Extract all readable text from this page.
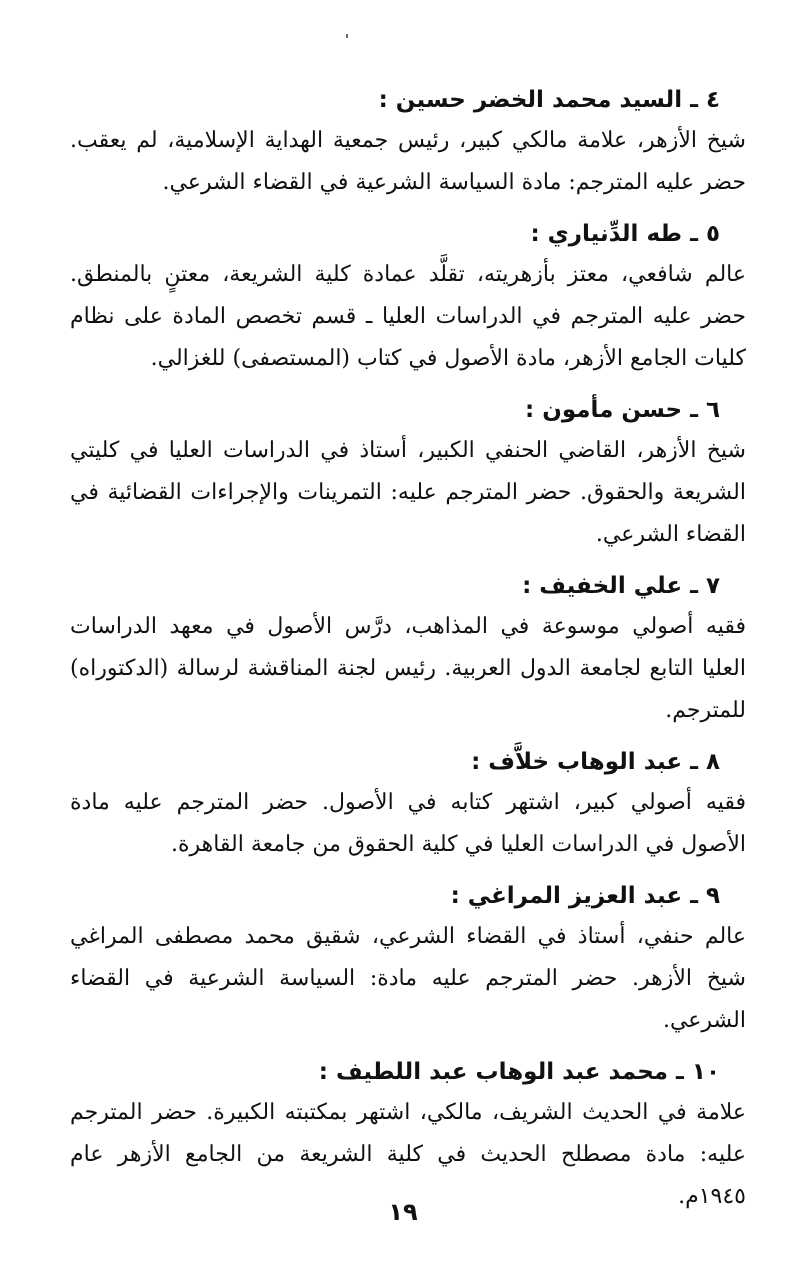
٤ ـ السيد محمد الخضر حسين :
شيخ الأزهر، علامة مالكي كبير، رئيس جمعية الهداية الإسلامية، لم يعقب. حضر عليه المترجم: مادة السياسة الشرعية في القضاء الشرعي.
٥ ـ طه الدِّنياري :
عالم شافعي، معتز بأزهريته، تقلَّد عمادة كلية الشريعة، معتنٍ بالمنطق. حضر عليه المترجم في الدراسات العليا ـ قسم تخصص المادة على نظام كليات الجامع الأزهر، مادة الأصول في كتاب (المستصفى) للغزالي.
٦ ـ حسن مأمون :
شيخ الأزهر، القاضي الحنفي الكبير، أستاذ في الدراسات العليا في كليتي الشريعة والحقوق. حضر المترجم عليه: التمرينات والإجراءات القضائية في القضاء الشرعي.
٧ ـ علي الخفيف :
فقيه أصولي موسوعة في المذاهب، درَّس الأصول في معهد الدراسات العليا التابع لجامعة الدول العربية. رئيس لجنة المناقشة لرسالة (الدكتوراه) للمترجم.
٨ ـ عبد الوهاب خلاَّف :
فقيه أصولي كبير، اشتهر كتابه في الأصول. حضر المترجم عليه مادة الأصول في الدراسات العليا في كلية الحقوق من جامعة القاهرة.
٩ ـ عبد العزيز المراغي :
عالم حنفي، أستاذ في القضاء الشرعي، شقيق محمد مصطفى المراغي شيخ الأزهر. حضر المترجم عليه مادة: السياسة الشرعية في القضاء الشرعي.
١٠ ـ محمد عبد الوهاب عبد اللطيف :
علامة في الحديث الشريف، مالكي، اشتهر بمكتبته الكبيرة. حضر المترجم عليه: مادة مصطلح الحديث في كلية الشريعة من الجامع الأزهر عام ١٩٤٥م.
١٩
